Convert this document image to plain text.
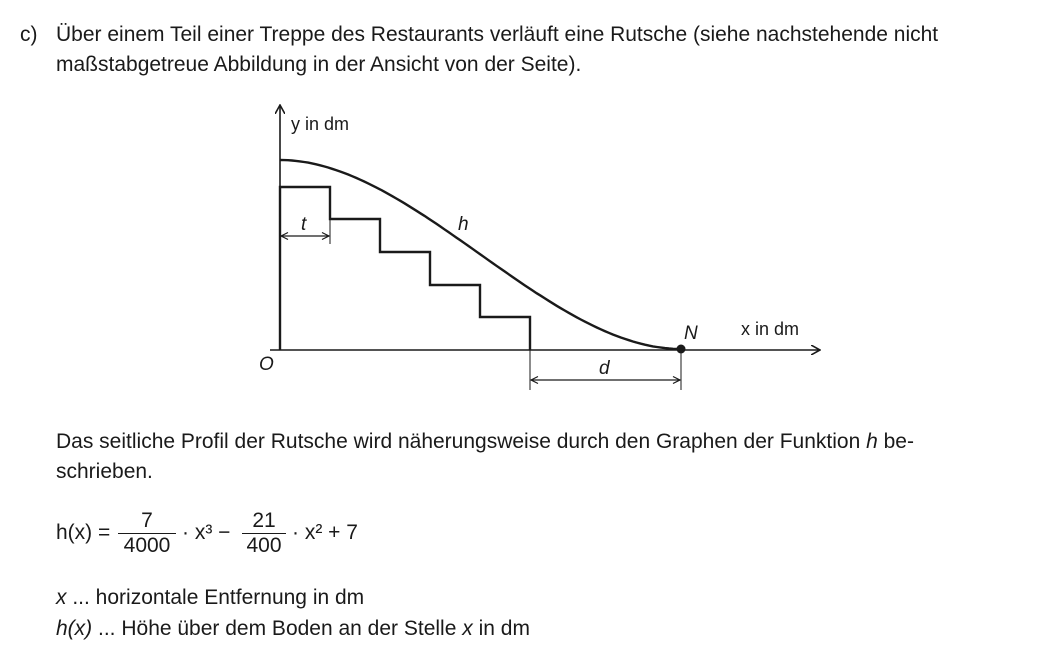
c) Über einem Teil einer Treppe des Restaurants verläuft eine Rutsche (siehe nachstehende nicht
maßstabgetreue Abbildung in der Ansicht von der Seite).
y in dm
x in dm
O
h
N
t
d
Das seitliche Profil der Rutsche wird näherungsweise durch den Graphen der Funktion h be-
schrieben.
h(x) =
7
4000
· x³ −
21
400
· x² + 7
x ... horizontale Entfernung in dm
h(x) ... Höhe über dem Boden an der Stelle x in dm
